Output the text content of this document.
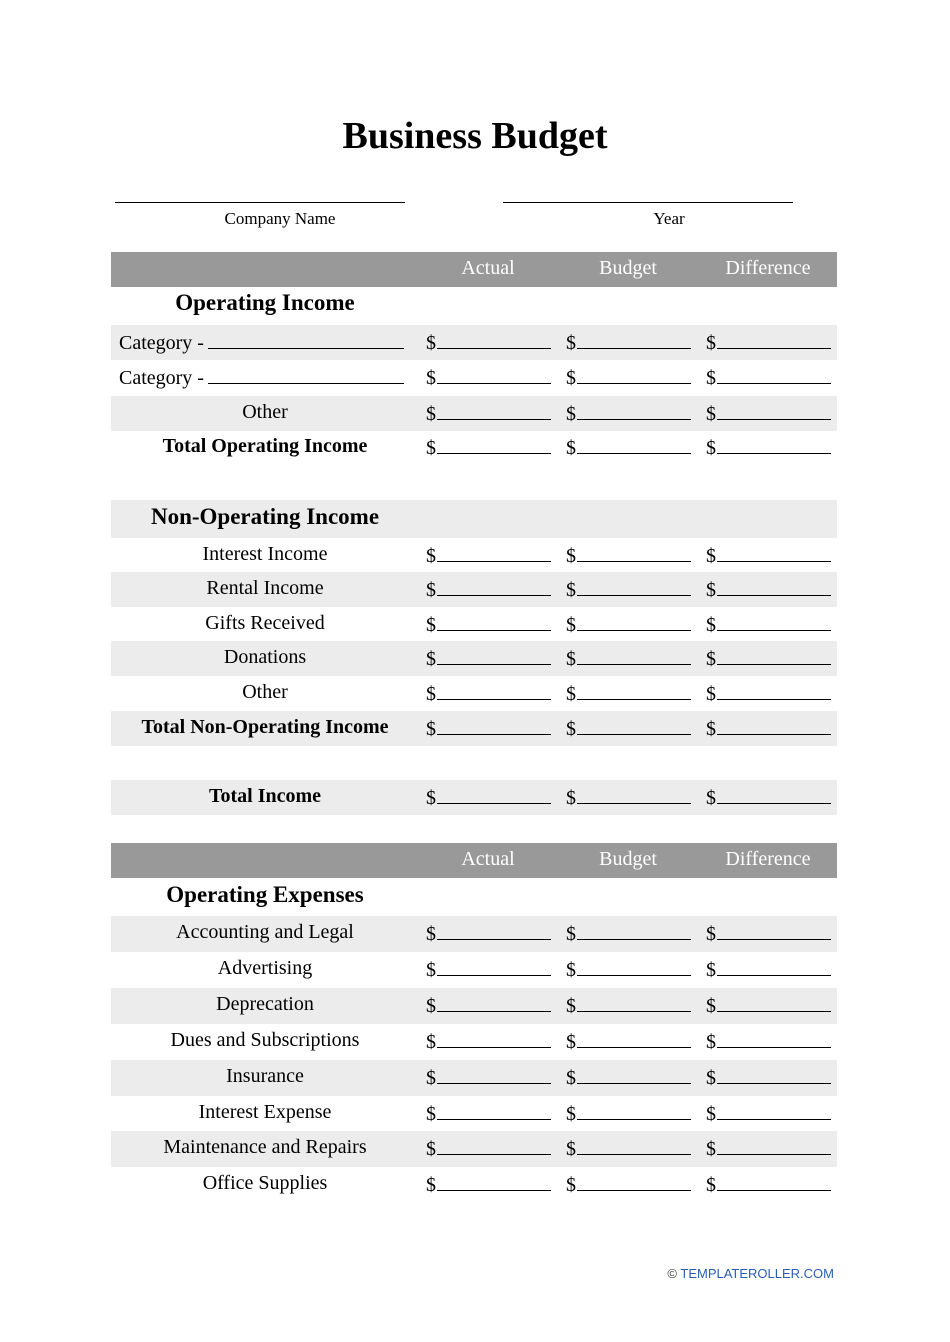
Business Budget
Company Name	Year
Actual	Budget	Difference
Operating Income
Category -	$	$	$
Category -	$	$	$
Other	$	$	$
Total Operating Income	$	$	$
Non-Operating Income
Interest Income	$	$	$
Rental Income	$	$	$
Gifts Received	$	$	$
Donations	$	$	$
Other	$	$	$
Total Non-Operating Income	$	$	$
Total Income	$	$	$
Actual	Budget	Difference
Operating Expenses
Accounting and Legal	$	$	$
Advertising	$	$	$
Deprecation	$	$	$
Dues and Subscriptions	$	$	$
Insurance	$	$	$
Interest Expense	$	$	$
Maintenance and Repairs	$	$	$
Office Supplies	$	$	$
© TEMPLATEROLLER.COM
